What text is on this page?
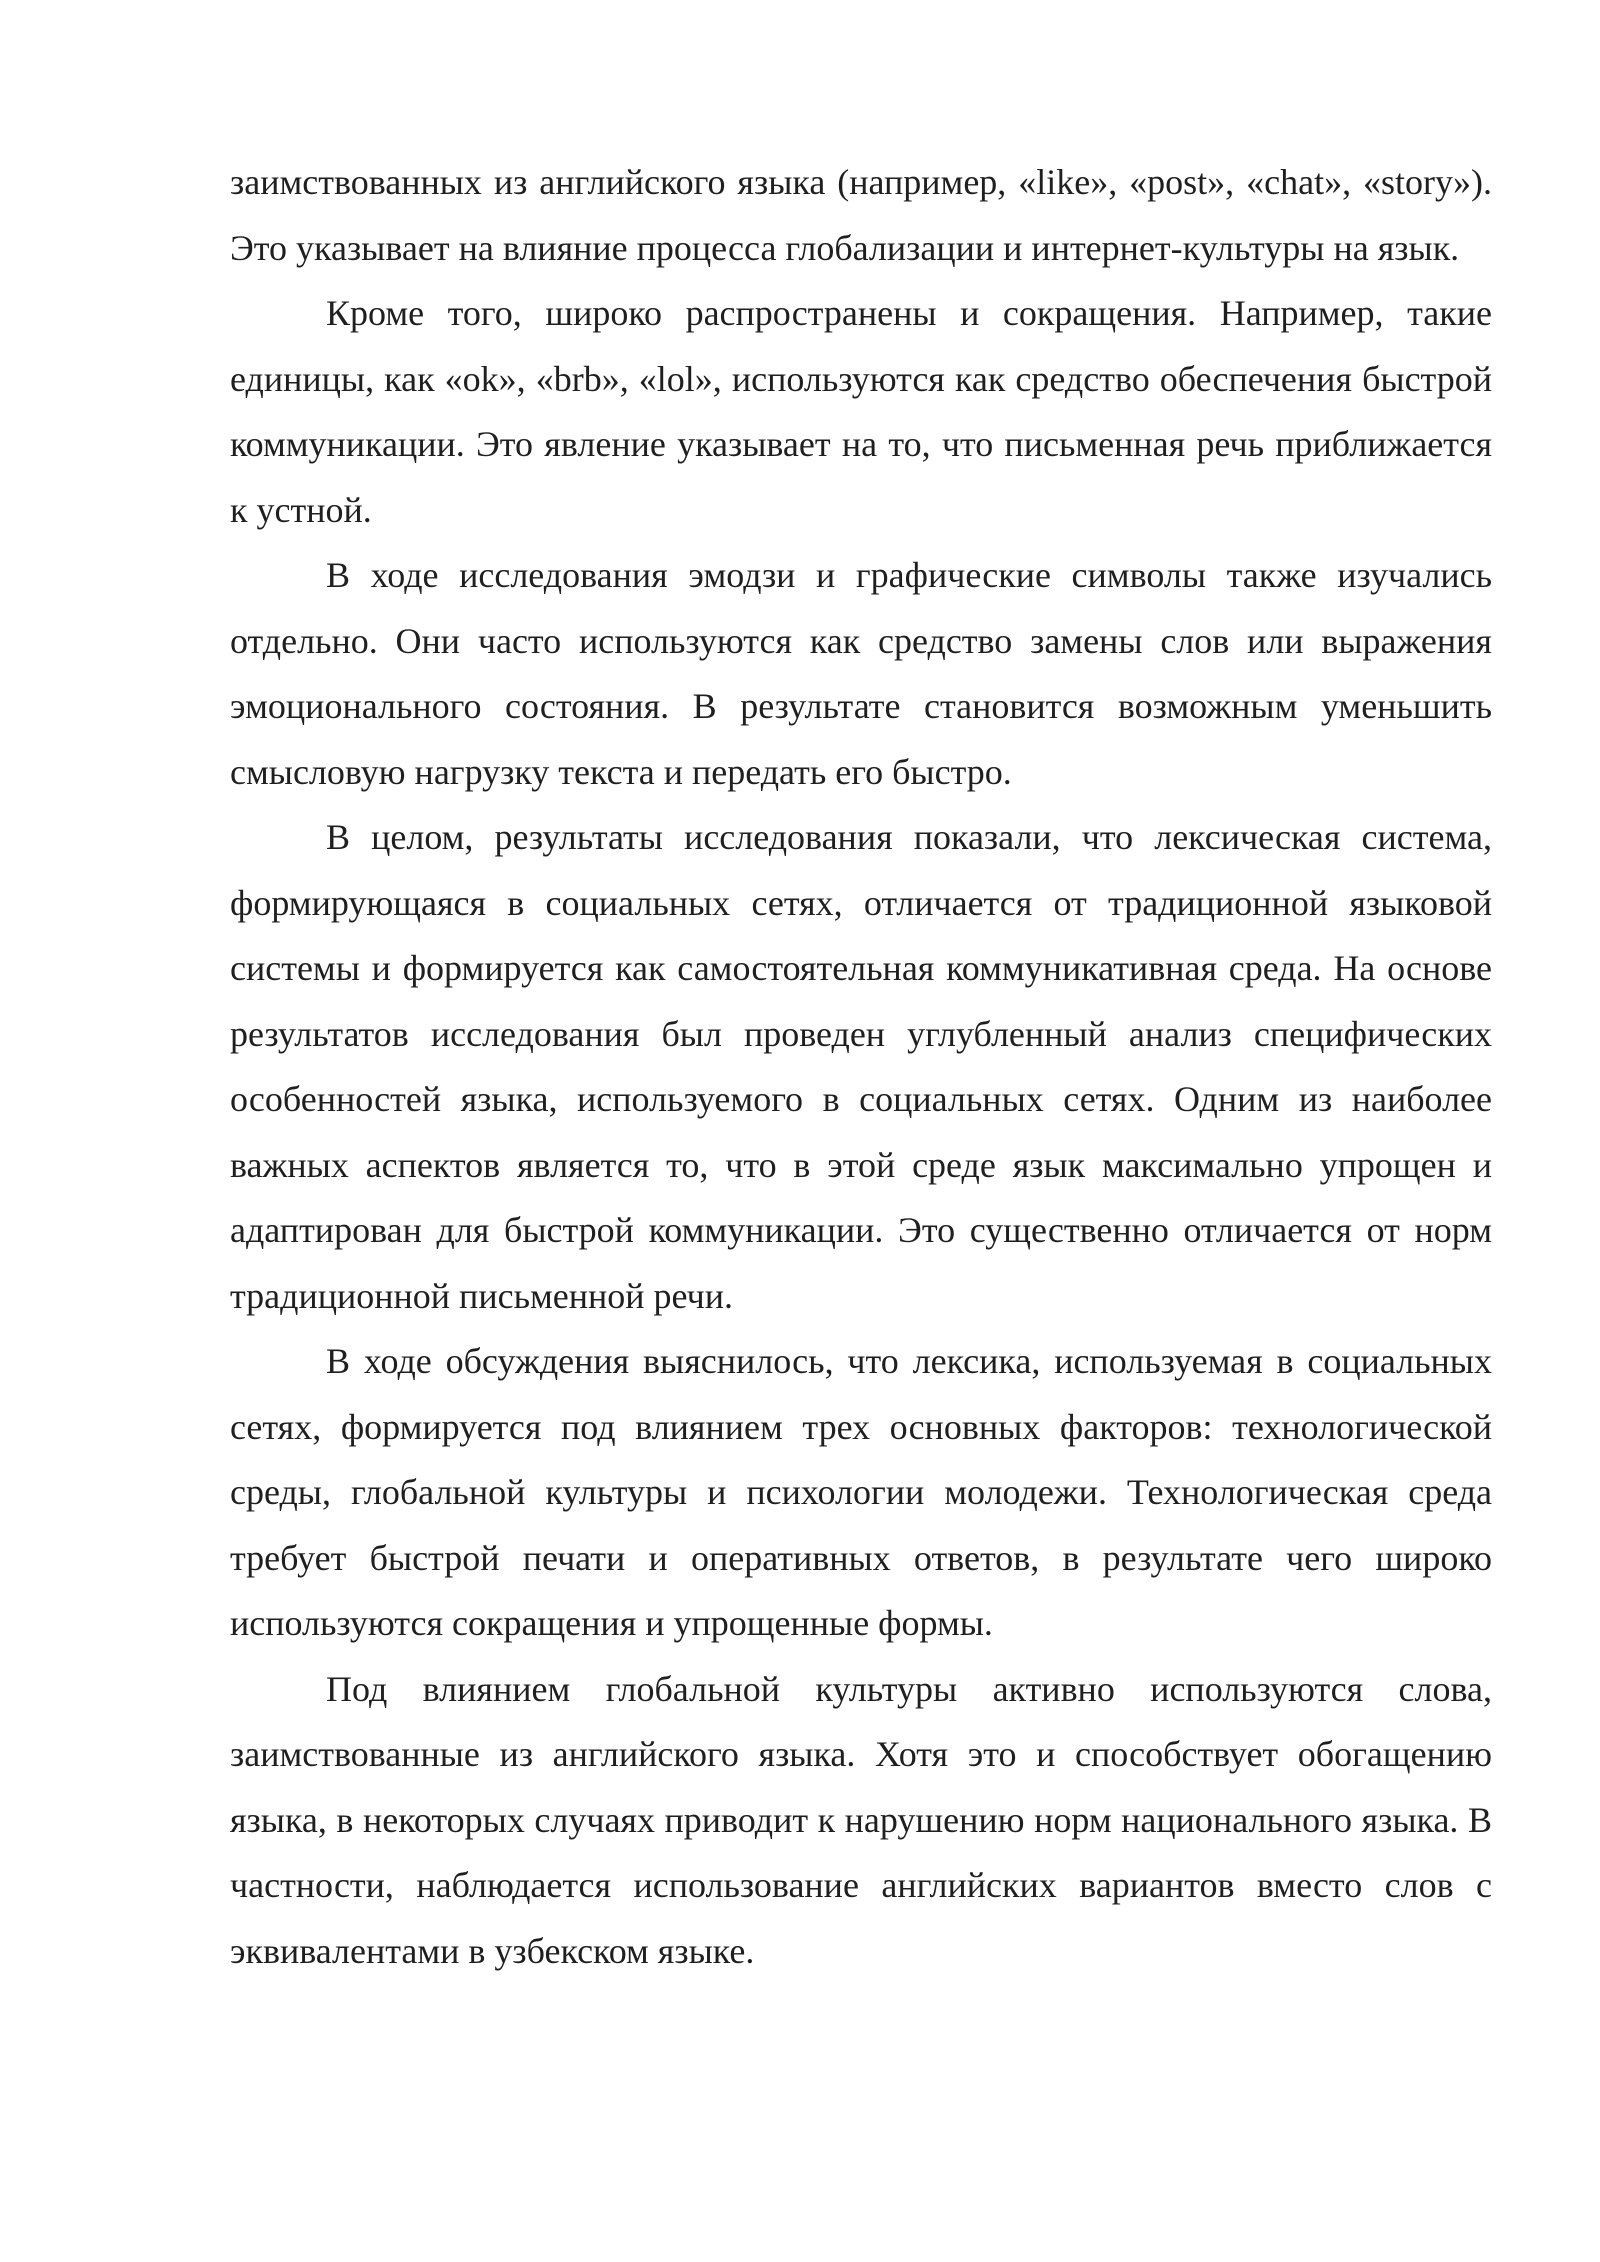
заимствованных из английского языка (например, «like», «post», «chat», «story»). Это указывает на влияние процесса глобализации и интернет-культуры на язык.

Кроме того, широко распространены и сокращения. Например, такие единицы, как «ok», «brb», «lol», используются как средство обеспечения быстрой коммуникации. Это явление указывает на то, что письменная речь приближается к устной.

В ходе исследования эмодзи и графические символы также изучались отдельно. Они часто используются как средство замены слов или выражения эмоционального состояния. В результате становится возможным уменьшить смысловую нагрузку текста и передать его быстро.

В целом, результаты исследования показали, что лексическая система, формирующаяся в социальных сетях, отличается от традиционной языковой системы и формируется как самостоятельная коммуникативная среда. На основе результатов исследования был проведен углубленный анализ специфических особенностей языка, используемого в социальных сетях. Одним из наиболее важных аспектов является то, что в этой среде язык максимально упрощен и адаптирован для быстрой коммуникации. Это существенно отличается от норм традиционной письменной речи.

В ходе обсуждения выяснилось, что лексика, используемая в социальных сетях, формируется под влиянием трех основных факторов: технологической среды, глобальной культуры и психологии молодежи. Технологическая среда требует быстрой печати и оперативных ответов, в результате чего широко используются сокращения и упрощенные формы.

Под влиянием глобальной культуры активно используются слова, заимствованные из английского языка. Хотя это и способствует обогащению языка, в некоторых случаях приводит к нарушению норм национального языка. В частности, наблюдается использование английских вариантов вместо слов с эквивалентами в узбекском языке.
